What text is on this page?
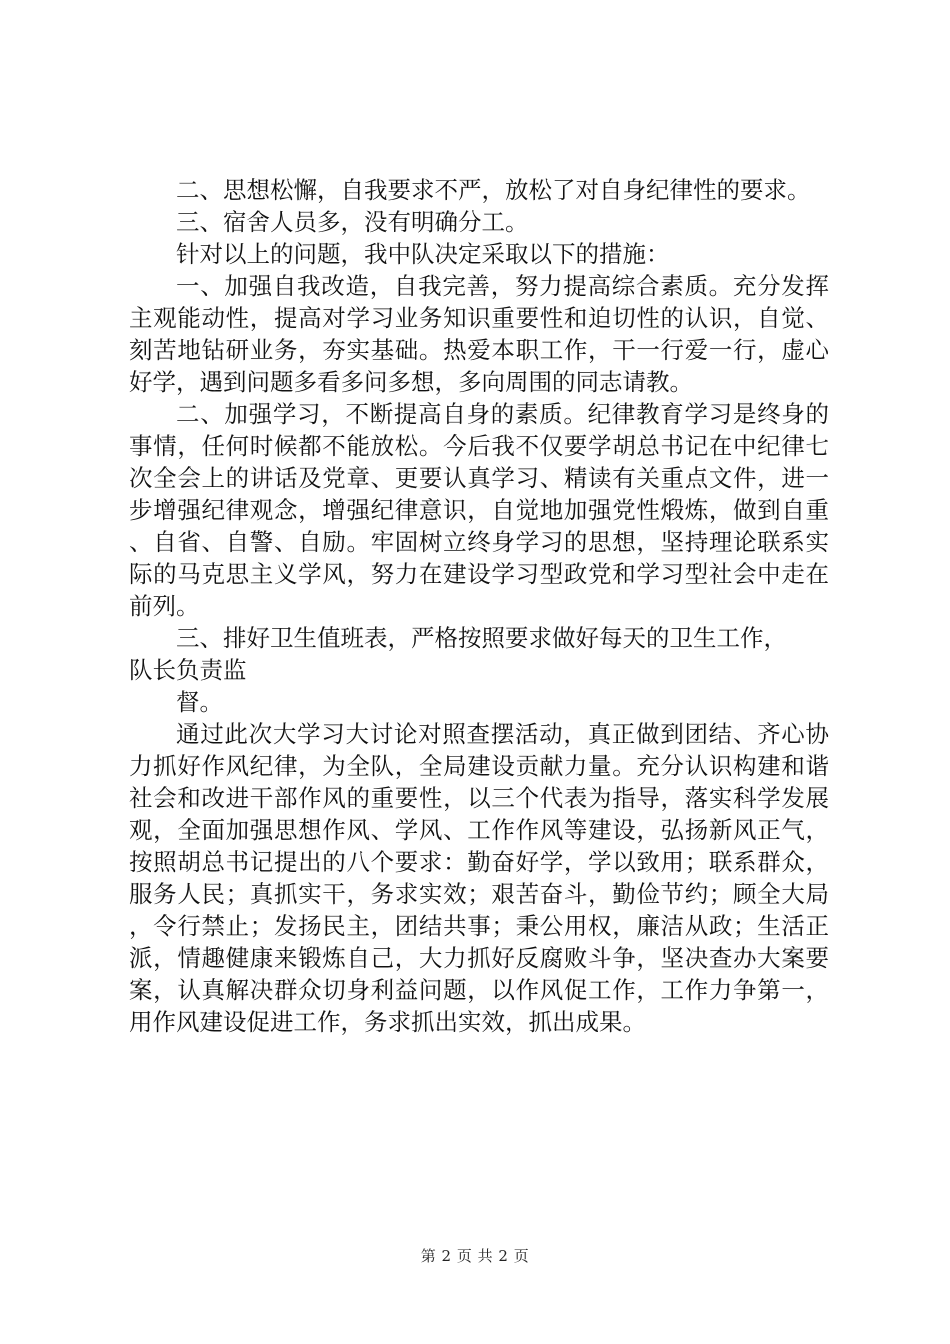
二、思想松懈，自我要求不严，放松了对自身纪律性的要求。

三、宿舍人员多，没有明确分工。

针对以上的问题，我中队决定采取以下的措施：

一、加强自我改造，自我完善，努力提高综合素质。充分发挥主观能动性，提高对学习业务知识重要性和迫切性的认识，自觉、刻苦地钻研业务，夯实基础。热爱本职工作，干一行爱一行，虚心好学，遇到问题多看多问多想，多向周围的同志请教。

二、加强学习，不断提高自身的素质。纪律教育学习是终身的事情，任何时候都不能放松。今后我不仅要学胡总书记在中纪律七次全会上的讲话及党章、更要认真学习、精读有关重点文件，进一步增强纪律观念，增强纪律意识，自觉地加强党性煅炼，做到自重、自省、自警、自励。牢固树立终身学习的思想，坚持理论联系实际的马克思主义学风，努力在建设学习型政党和学习型社会中走在前列。

三、排好卫生值班表，严格按照要求做好每天的卫生工作，

队长负责监

督。

通过此次大学习大讨论对照查摆活动，真正做到团结、齐心协力抓好作风纪律，为全队，全局建设贡献力量。充分认识构建和谐社会和改进干部作风的重要性，以三个代表为指导，落实科学发展观，全面加强思想作风、学风、工作作风等建设，弘扬新风正气，按照胡总书记提出的八个要求：勤奋好学，学以致用；联系群众，服务人民；真抓实干，务求实效；艰苦奋斗，勤俭节约；顾全大局，令行禁止；发扬民主，团结共事；秉公用权，廉洁从政；生活正派，情趣健康来锻炼自己，大力抓好反腐败斗争，坚决查办大案要案，认真解决群众切身利益问题，以作风促工作，工作力争第一，用作风建设促进工作，务求抓出实效，抓出成果。

第 2 页 共 2 页
